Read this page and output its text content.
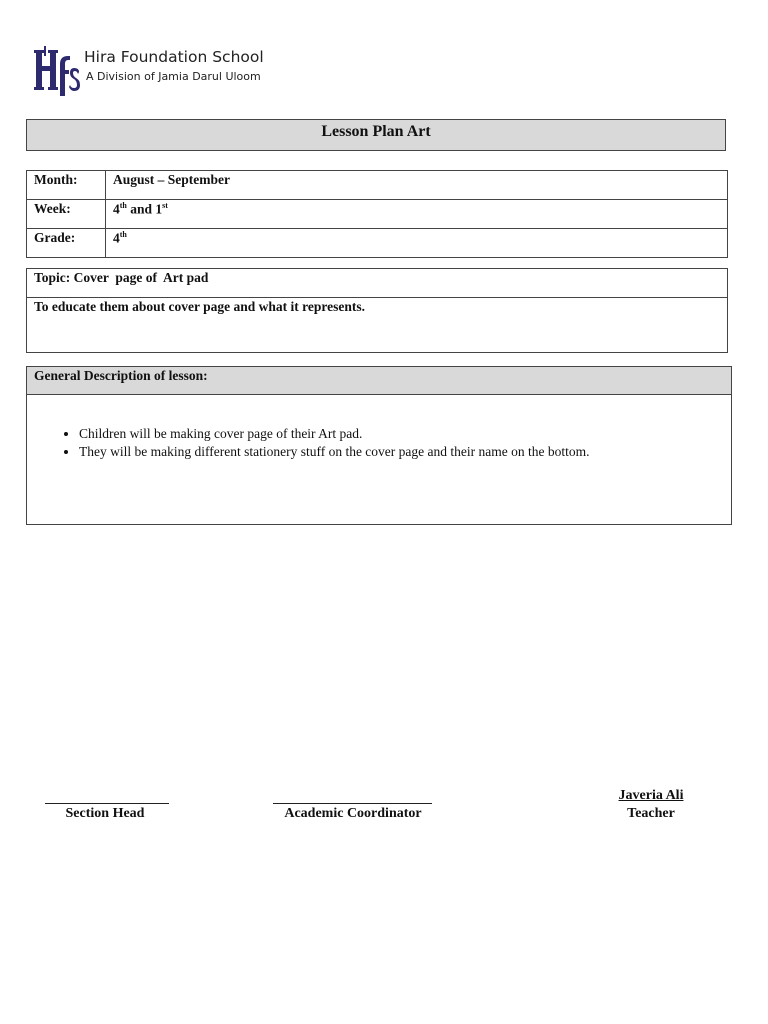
Hira Foundation School
A Division of Jamia Darul Uloom
Lesson Plan Art
Month:	August – September
Week:	4th and 1st
Grade:	4th
Topic: Cover  page of  Art pad
To educate them about cover page and what it represents.
General Description of lesson:

• Children will be making cover page of their Art pad.
• They will be making different stationery stuff on the cover page and their name on the bottom.
Section Head	Academic Coordinator
Javeria Ali
Teacher
